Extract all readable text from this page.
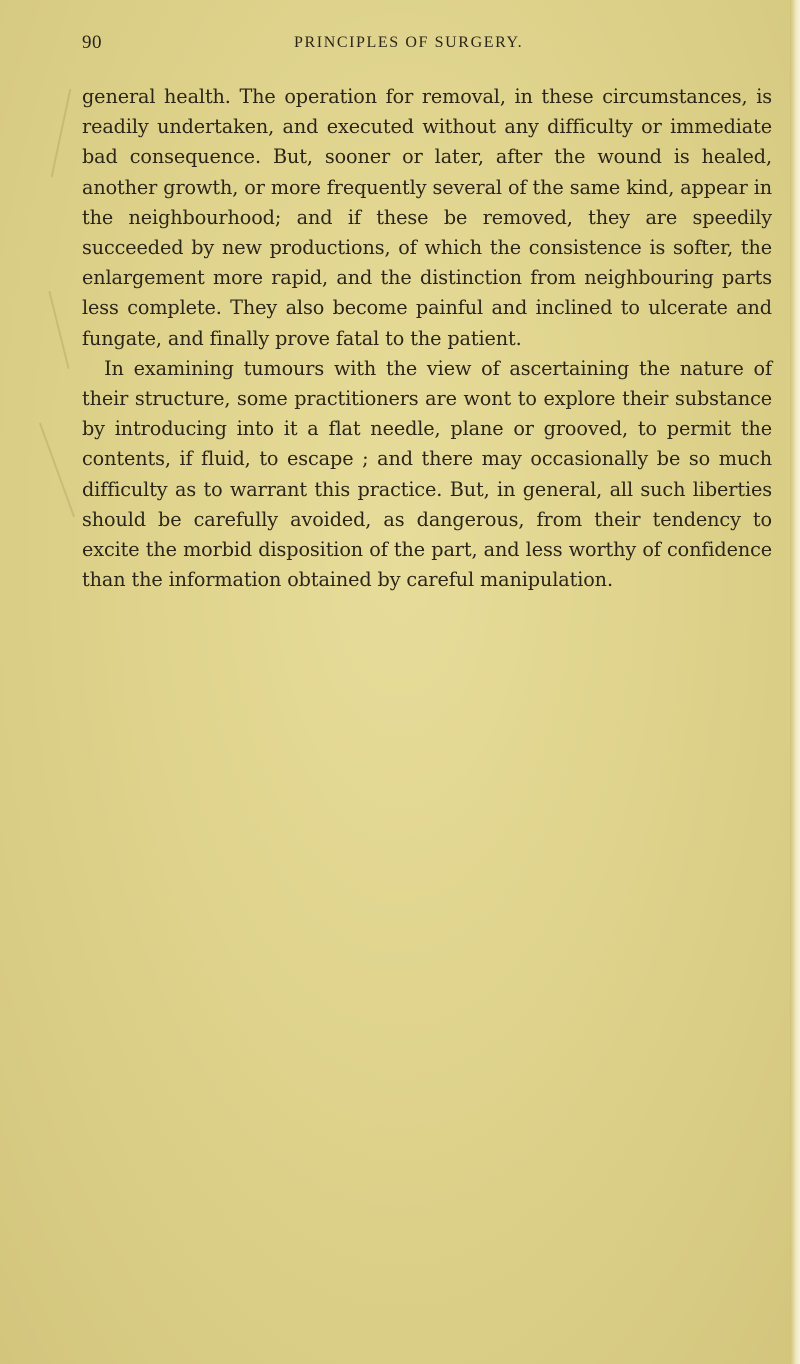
90	PRINCIPLES OF SURGERY.

general health. The operation for removal, in these circumstances, is readily undertaken, and executed without any difficulty or immediate bad consequence. But, sooner or later, after the wound is healed, another growth, or more frequently several of the same kind, appear in the neighbourhood; and if these be removed, they are speedily succeeded by new productions, of which the consistence is softer, the enlargement more rapid, and the distinction from neighbouring parts less complete. They also become painful and inclined to ulcerate and fungate, and finally prove fatal to the patient.

In examining tumours with the view of ascertaining the nature of their structure, some practitioners are wont to explore their substance by introducing into it a flat needle, plane or grooved, to permit the contents, if fluid, to escape ; and there may occasionally be so much difficulty as to warrant this practice. But, in general, all such liberties should be carefully avoided, as dangerous, from their tendency to excite the morbid disposition of the part, and less worthy of confidence than the information obtained by careful manipulation.
